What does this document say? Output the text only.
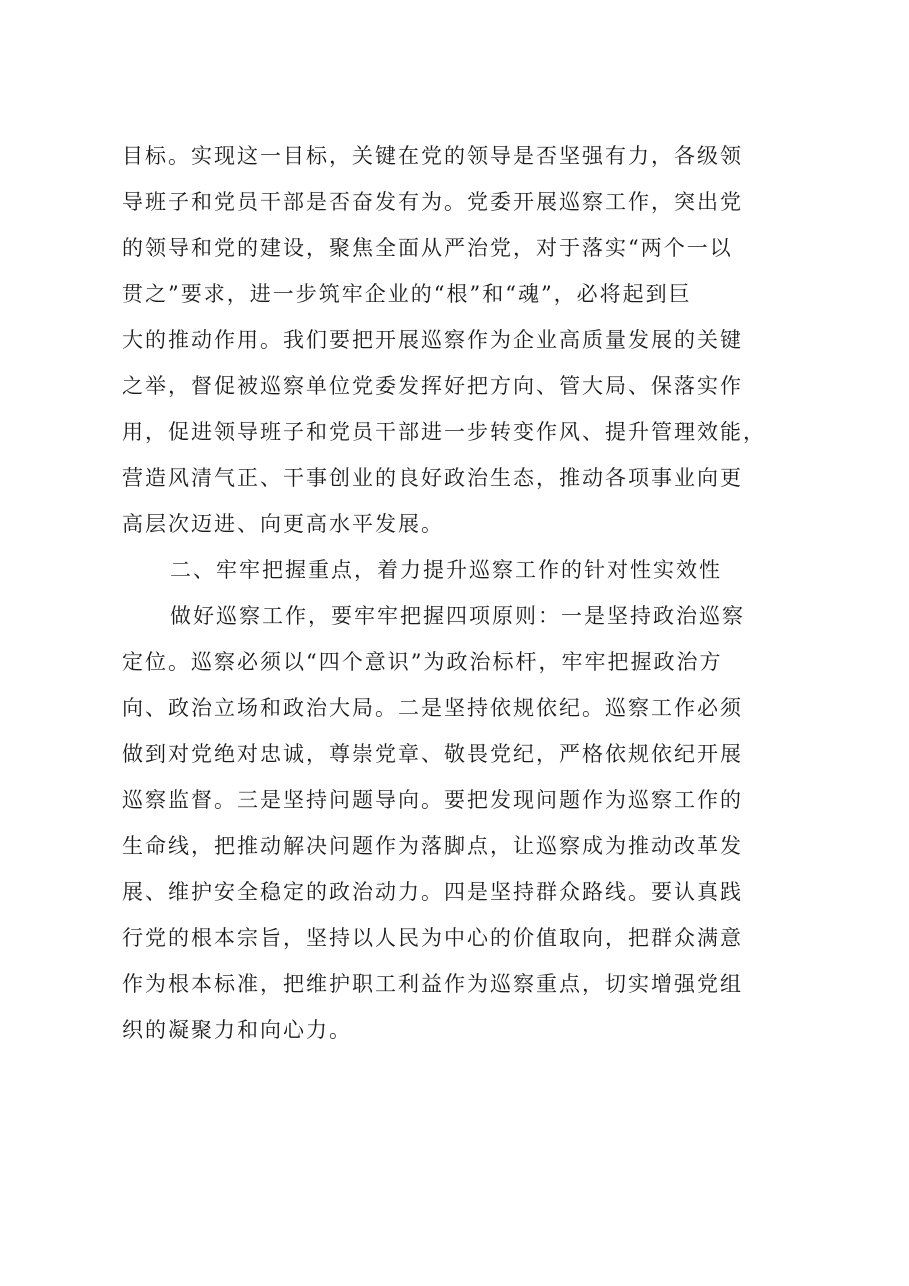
目标。实现这一目标，关键在党的领导是否坚强有力，各级领
导班子和党员干部是否奋发有为。党委开展巡察工作，突出党
的领导和党的建设，聚焦全面从严治党，对于落实“两个一以
贯之”要求，进一步筑牢企业的“根”和“魂”，必将起到巨
大的推动作用。我们要把开展巡察作为企业高质量发展的关键
之举，督促被巡察单位党委发挥好把方向、管大局、保落实作
用，促进领导班子和党员干部进一步转变作风、提升管理效能，
营造风清气正、干事创业的良好政治生态，推动各项事业向更
高层次迈进、向更高水平发展。
二、牢牢把握重点，着力提升巡察工作的针对性实效性
做好巡察工作，要牢牢把握四项原则：一是坚持政治巡察
定位。巡察必须以“四个意识”为政治标杆，牢牢把握政治方
向、政治立场和政治大局。二是坚持依规依纪。巡察工作必须
做到对党绝对忠诚，尊崇党章、敬畏党纪，严格依规依纪开展
巡察监督。三是坚持问题导向。要把发现问题作为巡察工作的
生命线，把推动解决问题作为落脚点，让巡察成为推动改革发
展、维护安全稳定的政治动力。四是坚持群众路线。要认真践
行党的根本宗旨，坚持以人民为中心的价值取向，把群众满意
作为根本标准，把维护职工利益作为巡察重点，切实增强党组
织的凝聚力和向心力。
